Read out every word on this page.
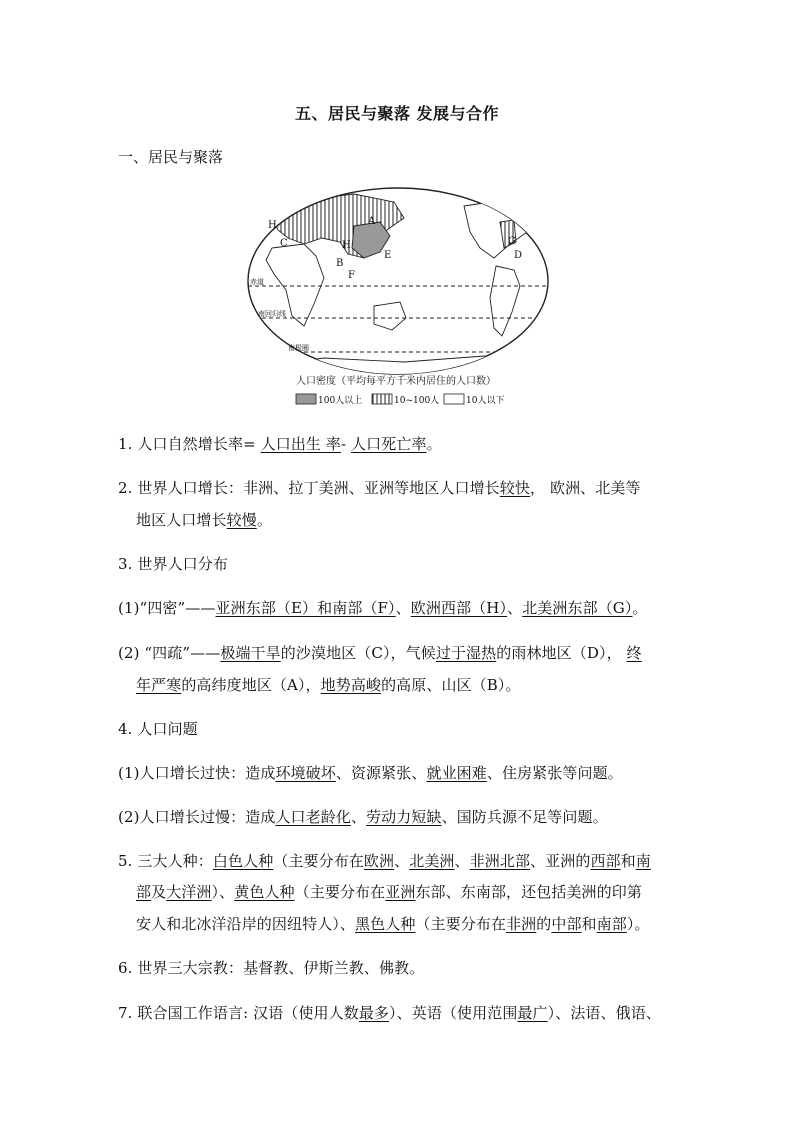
五、居民与聚落 发展与合作
一、居民与聚落
H
C
A
H	G
E	D
F
B
赤道
南回归线
南极圈
人口密度（平均每平方千米内居住的人口数）
100人以上	10~100人	10人以下
1. 人口自然增长率= 人口出生 率- 人口死亡率。
2. 世界人口增长：非洲、拉丁美洲、亚洲等地区人口增长较快， 欧洲、北美等
地区人口增长较慢。
3. 世界人口分布
(1)“四密”——亚洲东部（E）和南部（F）、欧洲西部（H）、北美洲东部（G）。
(2) “四疏”——极端干旱的沙漠地区（C），气候过于湿热的雨林地区（D）， 终
年严寒的高纬度地区（A），地势高峻的高原、山区（B）。
4. 人口问题
(1)人口增长过快：造成环境破坏、资源紧张、就业困难、住房紧张等问题。
(2)人口增长过慢：造成人口老龄化、劳动力短缺、国防兵源不足等问题。
5. 三大人种：白色人种（主要分布在欧洲、北美洲、非洲北部、亚洲的西部和南
部及大洋洲）、黄色人种（主要分布在亚洲东部、东南部，还包括美洲的印第
安人和北冰洋沿岸的因纽特人）、黑色人种（主要分布在非洲的中部和南部）。
6. 世界三大宗教：基督教、伊斯兰教、佛教。
7. 联合国工作语言: 汉语（使用人数最多）、英语（使用范围最广）、法语、俄语、
